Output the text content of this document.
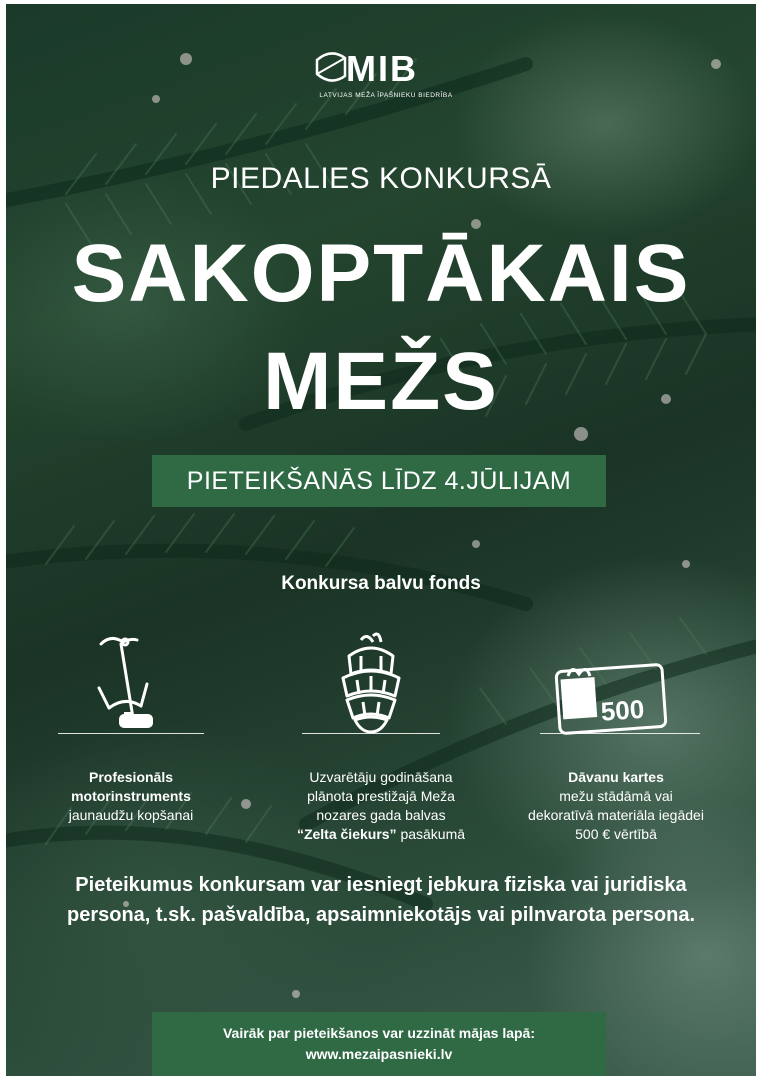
MIB
LATVIJAS MEŽA ĪPAŠNIEKU BIEDRĪBA
PIEDALIES KONKURSĀ
SAKOPTĀKAIS
MEŽS
PIETEIKŠANĀS LĪDZ 4.JŪLIJAM
Konkursa balvu fonds
Profesionāls
motorinstruments
jaunaudžu kopšanai
Uzvarētāju godināšana
plānota prestižajā Meža
nozares gada balvas
“Zelta čiekurs” pasākumā
500
Dāvanu kartes
mežu stādāmā vai
dekoratīvā materiāla iegādei
500 € vērtībā
Pieteikumus konkursam var iesniegt jebkura fiziska vai juridiska
persona, t.sk. pašvaldība, apsaimniekotājs vai pilnvarota persona.
Vairāk par pieteikšanos var uzzināt mājas lapā:
www.mezaipasnieki.lv
